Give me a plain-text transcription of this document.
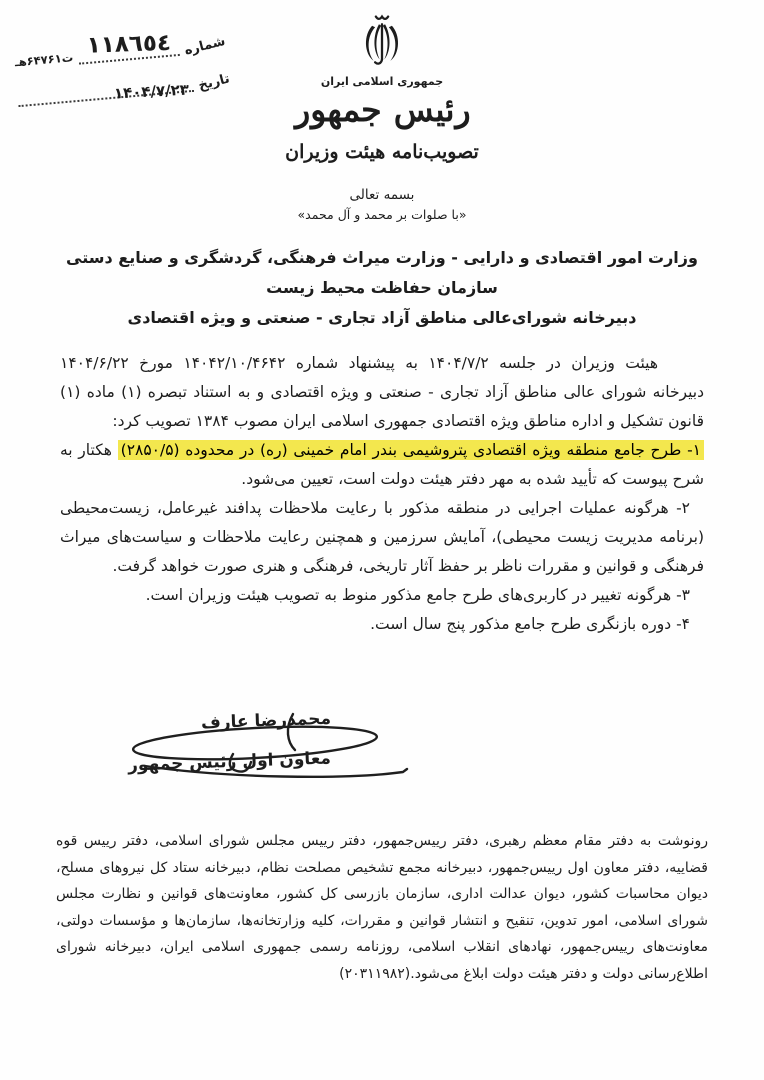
شماره
١١٨٦٥٤
ت۶۴۷۶۱هـ
تاریخ
۱۴۰۴/۷/۲۳	جمهوری اسلامی ایران
رئیس جمهور
تصویب‌نامه هیئت وزیران
بسمه تعالی
«با صلوات بر محمد و آل محمد»
وزارت امور اقتصادی و دارایی - وزارت میراث فرهنگی، گردشگری و صنایع دستی
سازمان حفاظت محیط زیست
دبیرخانه شورای‌عالی مناطق آزاد تجاری - صنعتی و ویژه اقتصادی

هیئت وزیران در جلسه ۱۴۰۴/۷/۲ به پیشنهاد شماره ۱۴۰۴۲/۱۰/۴۶۴۲ مورخ ۱۴۰۴/۶/۲۲ دبیرخانه شورای عالی مناطق آزاد تجاری - صنعتی و ویژه اقتصادی و به استناد تبصره (۱) ماده (۱) قانون تشکیل و اداره مناطق ویژه اقتصادی جمهوری اسلامی ایران مصوب ۱۳۸۴ تصویب کرد:

۱- طرح جامع منطقه ویژه اقتصادی پتروشیمی بندر امام خمینی (ره) در محدوده (۲۸۵۰/۵) هکتار به شرح پیوست که تأیید شده به مهر دفتر هیئت دولت است، تعیین می‌شود.

۲- هرگونه عملیات اجرایی در منطقه مذکور با رعایت ملاحظات پدافند غیرعامل، زیست‌محیطی (برنامه مدیریت زیست محیطی)، آمایش سرزمین و همچنین رعایت ملاحظات و سیاست‌های میراث فرهنگی و قوانین و مقررات ناظر بر حفظ آثار تاریخی، فرهنگی و هنری صورت خواهد گرفت.

۳- هرگونه تغییر در کاربری‌های طرح جامع مذکور منوط به تصویب هیئت وزیران است.

۴- دوره بازنگری طرح جامع مذکور پنج سال است.

محمدرضا عارف
معاون اول رئیس جمهور

رونوشت به دفتر مقام معظم رهبری، دفتر رییس‌جمهور، دفتر رییس مجلس شورای اسلامی، دفتر رییس قوه قضاییه، دفتر معاون اول رییس‌جمهور، دبیرخانه مجمع تشخیص مصلحت نظام، دبیرخانه ستاد کل نیروهای مسلح، دیوان محاسبات کشور، دیوان عدالت اداری، سازمان بازرسی کل کشور، معاونت‌های قوانین و نظارت مجلس شورای اسلامی، امور تدوین، تنقیح و انتشار قوانین و مقررات، کلیه وزارتخانه‌ها، سازمان‌ها و مؤسسات دولتی، معاونت‌های رییس‌جمهور، نهادهای انقلاب اسلامی، روزنامه رسمی جمهوری اسلامی ایران، دبیرخانه شورای اطلاع‌رسانی دولت و دفتر هیئت دولت ابلاغ می‌شود.(۲۰۳۱۱۹۸۲)
